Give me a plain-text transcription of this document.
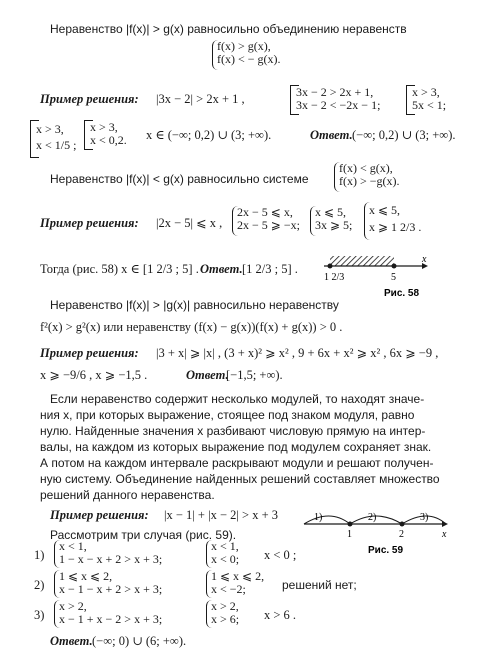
Неравенство |f(x)| > g(x) равносильно объединению неравенств
f(x) > g(x),
f(x) < − g(x).
Пример решения: |3x − 2| > 2x + 1 ,	3x − 2 > 2x + 1,
3x − 2 < −2x − 1;
x > 3,
5x < 1;
x > 3,
x < 1/5 ;
x > 3,
x < 0,2. x ∈ (−∞; 0,2) ∪ (3; +∞).	Ответ. (−∞; 0,2) ∪ (3; +∞).
Неравенство |f(x)| < g(x) равносильно системе
f(x) < g(x),
f(x) > −g(x).
Пример решения: |2x − 5| ⩽ x ,
2x − 5 ⩽ x,
2x − 5 ⩾ −x;
x ⩽ 5,
3x ⩾ 5;
x ⩽ 5,
x ⩾ 1 2/3 .
Тогда (рис. 58) x ∈ [1 2/3 ; 5] . Ответ. [1 2/3 ; 5] .
1 2/3	5
x
Рис. 58
Неравенство |f(x)| > |g(x)| равносильно неравенству
f²(x) > g²(x) или неравенству (f(x) − g(x))(f(x) + g(x)) > 0 .
Пример решения: |3 + x| ⩾ |x| , (3 + x)² ⩾ x² , 9 + 6x + x² ⩾ x² , 6x ⩾ −9 ,
x ⩾ −9/6 , x ⩾ −1,5 .	Ответ.
[−1,5; +∞).
Если неравенство содержит несколько модулей, то находят значе-
ния x, при которых выражение, стоящее под знаком модуля, равно
нулю. Найденные значения x разбивают числовую прямую на интер-
валы, на каждом из которых выражение под модулем сохраняет знак.
А потом на каждом интервале раскрывают модули и решают получен-
ную систему. Объединение найденных решений составляет множество
решений данного неравенства.
Пример решения: |x − 1| + |x − 2| > x + 3
Рассмотрим три случая (рис. 59).
1)	2)	3)
1	2	x
Рис. 59
1)
x < 1,
1 − x − x + 2 > x + 3;
x < 1,
x < 0; x < 0 ;
2)
1 ⩽ x ⩽ 2,
x − 1 − x + 2 > x + 3;
1 ⩽ x ⩽ 2,
x < −2;	решений нет;
3)
x > 2,
x − 1 + x − 2 > x + 3;
x > 2,
x > 6; x > 6 .
Ответ. (−∞; 0) ∪ (6; +∞).
